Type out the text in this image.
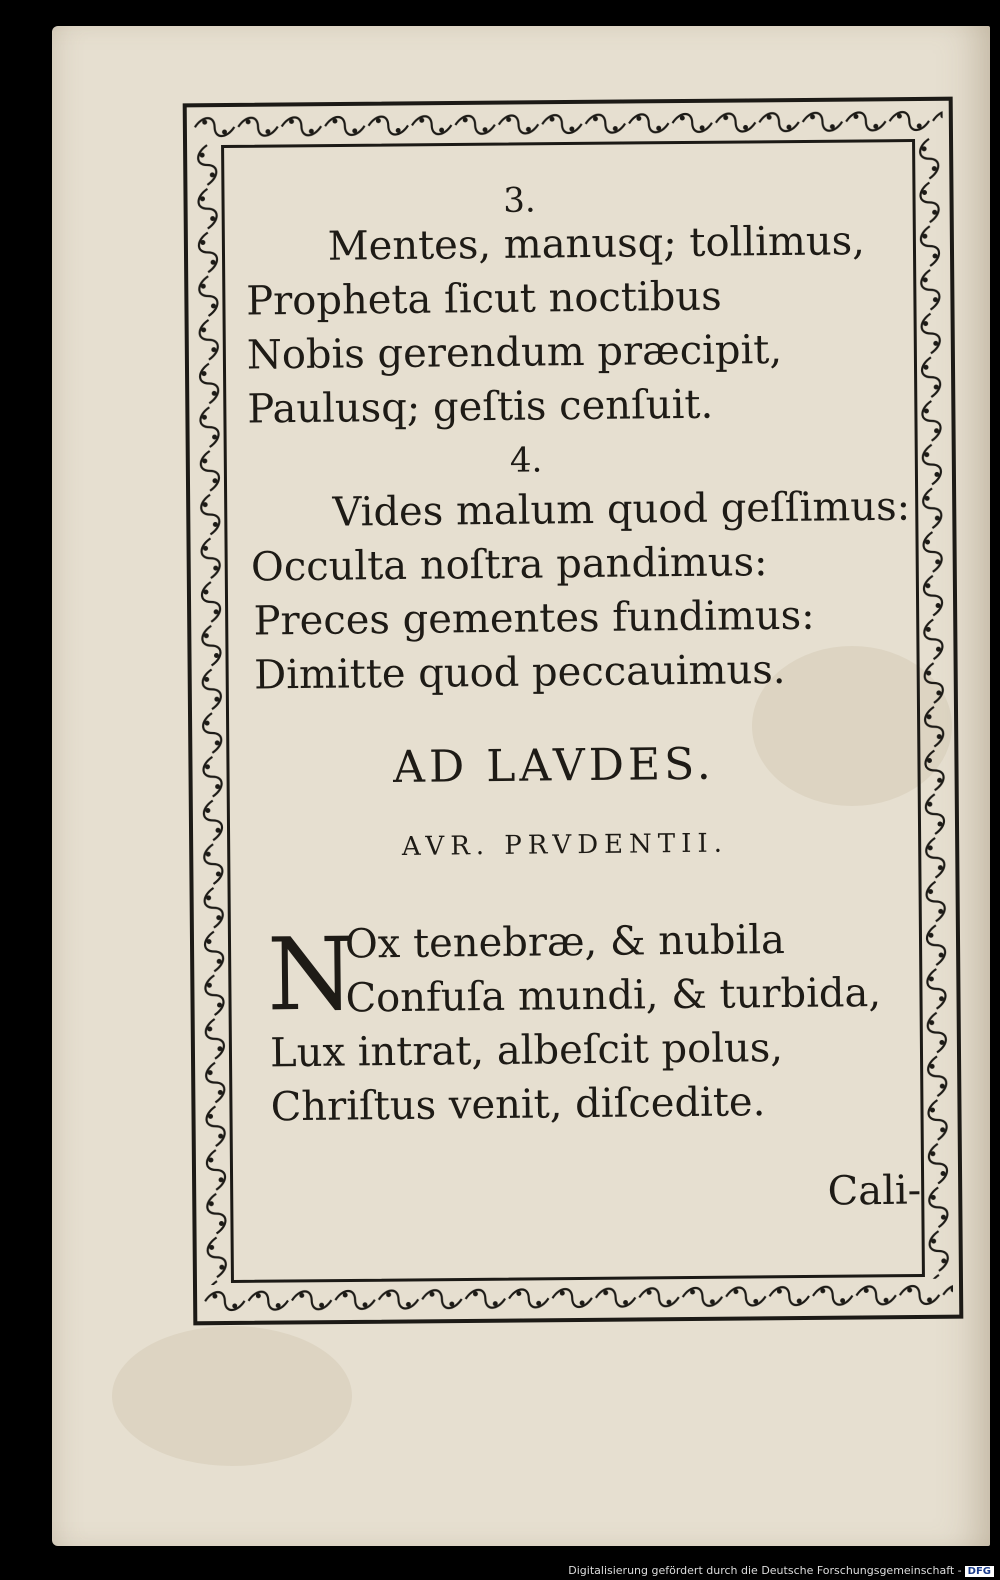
3.
Mentes, manusq; tollimus,
Propheta ſicut noctibus
Nobis gerendum præcipit,
Paulusq; geſtis cenſuit.
4.
Vides malum quod geſſimus:
Occulta noſtra pandimus:
Preces gementes fundimus:
Dimitte quod peccauimus.
AD LAVDES.
AVR. PRVDENTII.
N
Ox tenebræ, & nubila
Confuſa mundi, & turbida,
Lux intrat, albeſcit polus,
Chriſtus venit, diſcedite.
Cali-
Digitalisierung gefördert durch die Deutsche Forschungsgemeinschaft - DFG
